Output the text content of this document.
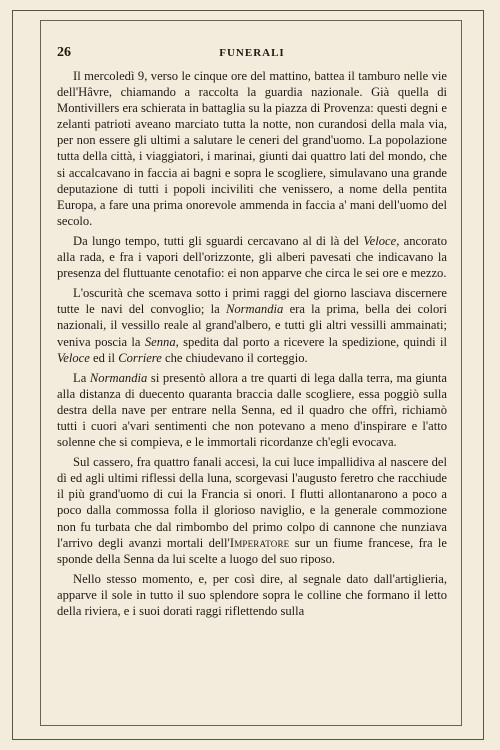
26	FUNERALI

Il mercoledì 9, verso le cinque ore del mattino, battea il tamburo nelle vie dell'Hâvre, chiamando a raccolta la guardia nazionale. Già quella di Montivillers era schierata in battaglia su la piazza di Provenza: questi degni e zelanti patrioti aveano marciato tutta la notte, non curandosi della mala via, per non essere gli ultimi a salutare le ceneri del grand'uomo. La popolazione tutta della città, i viaggiatori, i marinai, giunti dai quattro lati del mondo, che si accalcavano in faccia ai bagni e sopra le scogliere, simulavano una grande deputazione di tutti i popoli inciviliti che venissero, a nome della pentita Europa, a fare una prima onorevole ammenda in faccia a' mani dell'uomo del secolo.

Da lungo tempo, tutti gli sguardi cercavano al di là del Veloce, ancorato alla rada, e fra i vapori dell'orizzonte, gli alberi pavesati che indicavano la presenza del fluttuante cenotafio: ei non apparve che circa le sei ore e mezzo.

L'oscurità che scemava sotto i primi raggi del giorno lasciava discernere tutte le navi del convoglio; la Normandia era la prima, bella dei colori nazionali, il vessillo reale al grand'albero, e tutti gli altri vessilli ammainati; veniva poscia la Senna, spedita dal porto a ricevere la spedizione, quindi il Veloce ed il Corriere che chiudevano il corteggio.

La Normandia si presentò allora a tre quarti di lega dalla terra, ma giunta alla distanza di duecento quaranta braccia dalle scogliere, essa poggiò sulla destra della nave per entrare nella Senna, ed il quadro che offrì, richiamò tutti i cuori a'vari sentimenti che non potevano a meno d'inspirare e l'atto solenne che si compieva, e le immortali ricordanze ch'egli evocava.

Sul cassero, fra quattro fanali accesi, la cui luce impallidiva al nascere del dì ed agli ultimi riflessi della luna, scorgevasi l'augusto feretro che racchiude il più grand'uomo di cui la Francia si onori. I flutti allontanarono a poco a poco dalla commossa folla il glorioso naviglio, e la generale commozione non fu turbata che dal rimbombo del primo colpo di cannone che nunziava l'arrivo degli avanzi mortali dell'Imperatore sur un fiume francese, fra le sponde della Senna da lui scelte a luogo del suo riposo.

Nello stesso momento, e, per così dire, al segnale dato dall'artiglieria, apparve il sole in tutto il suo splendore sopra le colline che formano il letto della riviera, e i suoi dorati raggi riflettendo sulla
